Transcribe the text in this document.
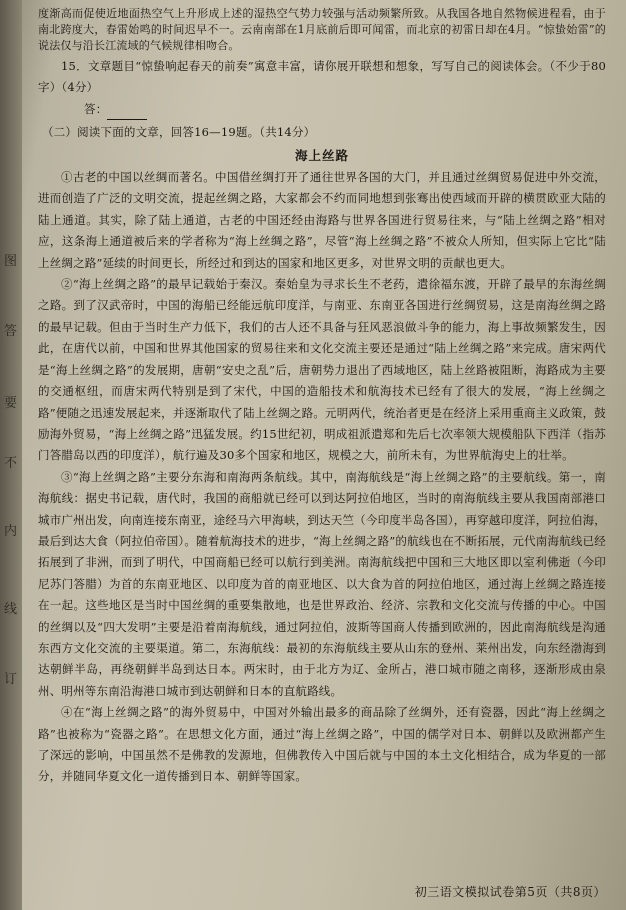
图
答
要
不
内
线
订

度渐高而促使近地面热空气上升形成上述的湿热空气势力较强与活动频繁所致。从我国各地自然物候进程看，由于南北跨度大，春雷始鸣的时间迟早不一。云南南部在1月底前后即可闻雷，而北京的初雷日却在4月。“惊蛰始雷”的说法仅与沿长江流域的气候规律相吻合。

15．文章题目“惊蛰响起春天的前奏”寓意丰富，请你展开联想和想象，写写自己的阅读体会。（不少于80字）（4分）

答：

（二）阅读下面的文章，回答16—19题。（共14分）

海上丝路

①古老的中国以丝绸而著名。中国借丝绸打开了通往世界各国的大门，并且通过丝绸贸易促进中外交流，进而创造了广泛的文明交流，提起丝绸之路，大家都会不约而同地想到张骞出使西域而开辟的横贯欧亚大陆的陆上通道。其实，除了陆上通道，古老的中国还经由海路与世界各国进行贸易往来，与“陆上丝绸之路”相对应，这条海上通道被后来的学者称为“海上丝绸之路”，尽管“海上丝绸之路”不被众人所知，但实际上它比“陆上丝绸之路”延续的时间更长，所经过和到达的国家和地区更多，对世界文明的贡献也更大。

②“海上丝绸之路”的最早记载始于秦汉。秦始皇为寻求长生不老药，遣徐福东渡，开辟了最早的东海丝绸之路。到了汉武帝时，中国的海船已经能远航印度洋，与南亚、东南亚各国进行丝绸贸易，这是南海丝绸之路的最早记载。但由于当时生产力低下，我们的古人还不具备与狂风恶浪做斗争的能力，海上事故频繁发生，因此，在唐代以前，中国和世界其他国家的贸易往来和文化交流主要还是通过“陆上丝绸之路”来完成。唐宋两代是“海上丝绸之路”的发展期，唐朝“安史之乱”后，唐朝势力退出了西域地区，陆上丝路被阻断，海路成为主要的交通枢纽，而唐宋两代特别是到了宋代，中国的造船技术和航海技术已经有了很大的发展，“海上丝绸之路”便随之迅速发展起来，并逐渐取代了陆上丝绸之路。元明两代，统治者更是在经济上采用重商主义政策，鼓励海外贸易，“海上丝绸之路”迅猛发展。约15世纪初，明成祖派遣郑和先后七次率领大规模船队下西洋（指苏门答腊岛以西的印度洋），航行遍及30多个国家和地区，规模之大，前所未有，为世界航海史上的壮举。

③“海上丝绸之路”主要分东海和南海两条航线。其中，南海航线是“海上丝绸之路”的主要航线。第一，南海航线：据史书记载，唐代时，我国的商船就已经可以到达阿拉伯地区，当时的南海航线主要从我国南部港口城市广州出发，向南连接东南亚，途经马六甲海峡，到达天竺（今印度半岛各国），再穿越印度洋，阿拉伯海，最后到达大食（阿拉伯帝国）。随着航海技术的进步，“海上丝绸之路”的航线也在不断拓展，元代南海航线已经拓展到了非洲，而到了明代，中国商船已经可以航行到美洲。南海航线把中国和三大地区即以室利佛逝（今印尼苏门答腊）为首的东南亚地区、以印度为首的南亚地区、以大食为首的阿拉伯地区，通过海上丝绸之路连接在一起。这些地区是当时中国丝绸的重要集散地，也是世界政治、经济、宗教和文化交流与传播的中心。中国的丝绸以及“四大发明”主要是沿着南海航线，通过阿拉伯，波斯等国商人传播到欧洲的，因此南海航线是沟通东西方文化交流的主要渠道。第二，东海航线：最初的东海航线主要从山东的登州、莱州出发，向东经渤海到达朝鲜半岛，再绕朝鲜半岛到达日本。两宋时，由于北方为辽、金所占，港口城市随之南移，逐渐形成由泉州、明州等东南沿海港口城市到达朝鲜和日本的直航路线。

④在“海上丝绸之路”的海外贸易中，中国对外输出最多的商品除了丝绸外，还有瓷器，因此“海上丝绸之路”也被称为“瓷器之路”。在思想文化方面，通过“海上丝绸之路”，中国的儒学对日本、朝鲜以及欧洲都产生了深远的影响，中国虽然不是佛教的发源地，但佛教传入中国后就与中国的本土文化相结合，成为华夏的一部分，并随同华夏文化一道传播到日本、朝鲜等国家。

初三语文模拟试卷第5页（共8页）
